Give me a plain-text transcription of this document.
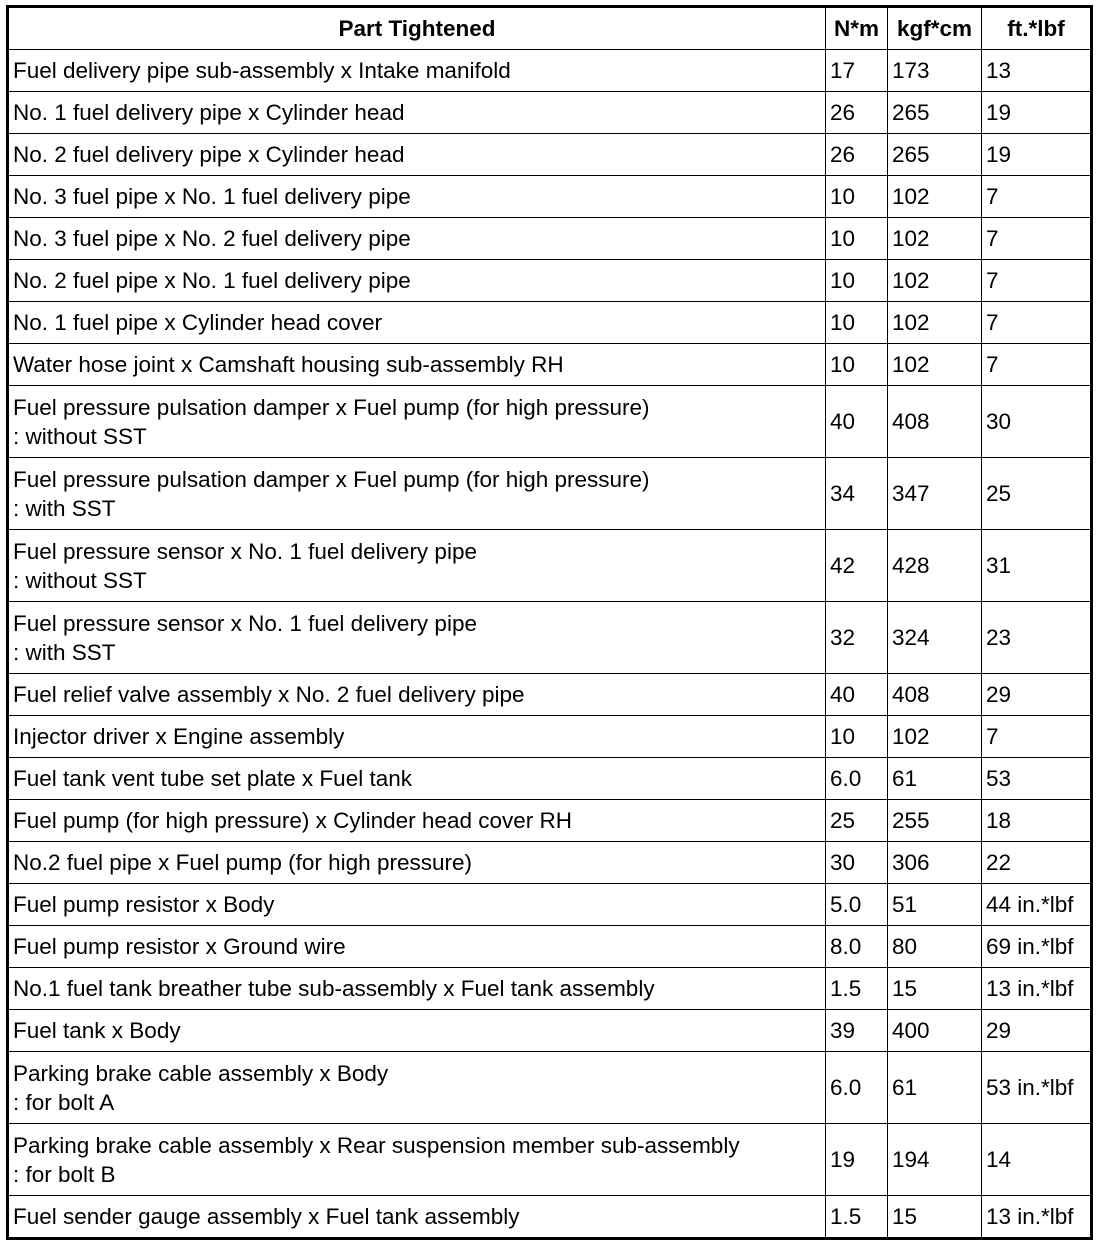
Part Tightened	N*m	kgf*cm	ft.*lbf

Fuel delivery pipe sub-assembly x Intake manifold	17	173	13

No. 1 fuel delivery pipe x Cylinder head	26	265	19

No. 2 fuel delivery pipe x Cylinder head	26	265	19

No. 3 fuel pipe x No. 1 fuel delivery pipe	10	102	7

No. 3 fuel pipe x No. 2 fuel delivery pipe	10	102	7

No. 2 fuel pipe x No. 1 fuel delivery pipe	10	102	7

No. 1 fuel pipe x Cylinder head cover	10	102	7

Water hose joint x Camshaft housing sub-assembly RH	10	102	7

Fuel pressure pulsation damper x Fuel pump (for high pressure)
: without SST	40	408	30

Fuel pressure pulsation damper x Fuel pump (for high pressure)
: with SST	34	347	25

Fuel pressure sensor x No. 1 fuel delivery pipe
: without SST	42	428	31

Fuel pressure sensor x No. 1 fuel delivery pipe
: with SST	32	324	23

Fuel relief valve assembly x No. 2 fuel delivery pipe	40	408	29

Injector driver x Engine assembly	10	102	7

Fuel tank vent tube set plate x Fuel tank	6.0	61	53

Fuel pump (for high pressure) x Cylinder head cover RH	25	255	18

No.2 fuel pipe x Fuel pump (for high pressure)	30	306	22

Fuel pump resistor x Body	5.0	51	44 in.*lbf

Fuel pump resistor x Ground wire	8.0	80	69 in.*lbf

No.1 fuel tank breather tube sub-assembly x Fuel tank assembly	1.5	15	13 in.*lbf

Fuel tank x Body	39	400	29

Parking brake cable assembly x Body
: for bolt A	6.0	61	53 in.*lbf

Parking brake cable assembly x Rear suspension member sub-assembly
: for bolt B	19	194	14

Fuel sender gauge assembly x Fuel tank assembly	1.5	15	13 in.*lbf
